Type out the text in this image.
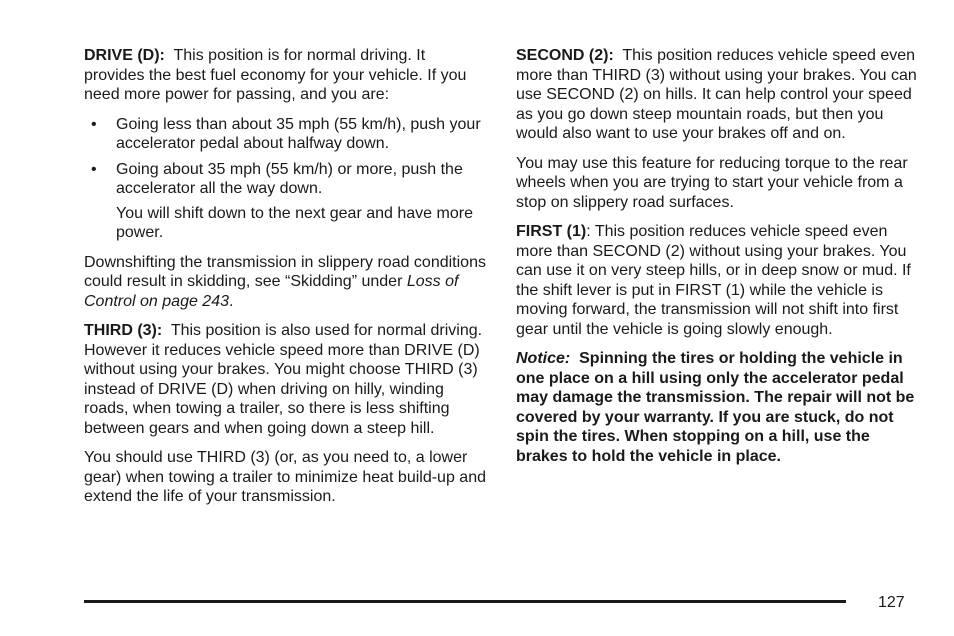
DRIVE (D): This position is for normal driving. It provides the best fuel economy for your vehicle. If you need more power for passing, and you are:

• Going less than about 35 mph (55 km/h), push your accelerator pedal about halfway down.
• Going about 35 mph (55 km/h) or more, push the accelerator all the way down.

You will shift down to the next gear and have more power.

Downshifting the transmission in slippery road conditions could result in skidding, see “Skidding” under Loss of Control on page 243.

THIRD (3): This position is also used for normal driving. However it reduces vehicle speed more than DRIVE (D) without using your brakes. You might choose THIRD (3) instead of DRIVE (D) when driving on hilly, winding roads, when towing a trailer, so there is less shifting between gears and when going down a steep hill.

You should use THIRD (3) (or, as you need to, a lower gear) when towing a trailer to minimize heat build-up and extend the life of your transmission.

SECOND (2): This position reduces vehicle speed even more than THIRD (3) without using your brakes. You can use SECOND (2) on hills. It can help control your speed as you go down steep mountain roads, but then you would also want to use your brakes off and on.

You may use this feature for reducing torque to the rear wheels when you are trying to start your vehicle from a stop on slippery road surfaces.

FIRST (1): This position reduces vehicle speed even more than SECOND (2) without using your brakes. You can use it on very steep hills, or in deep snow or mud. If the shift lever is put in FIRST (1) while the vehicle is moving forward, the transmission will not shift into first gear until the vehicle is going slowly enough.

Notice: Spinning the tires or holding the vehicle in one place on a hill using only the accelerator pedal may damage the transmission. The repair will not be covered by your warranty. If you are stuck, do not spin the tires. When stopping on a hill, use the brakes to hold the vehicle in place.

127
